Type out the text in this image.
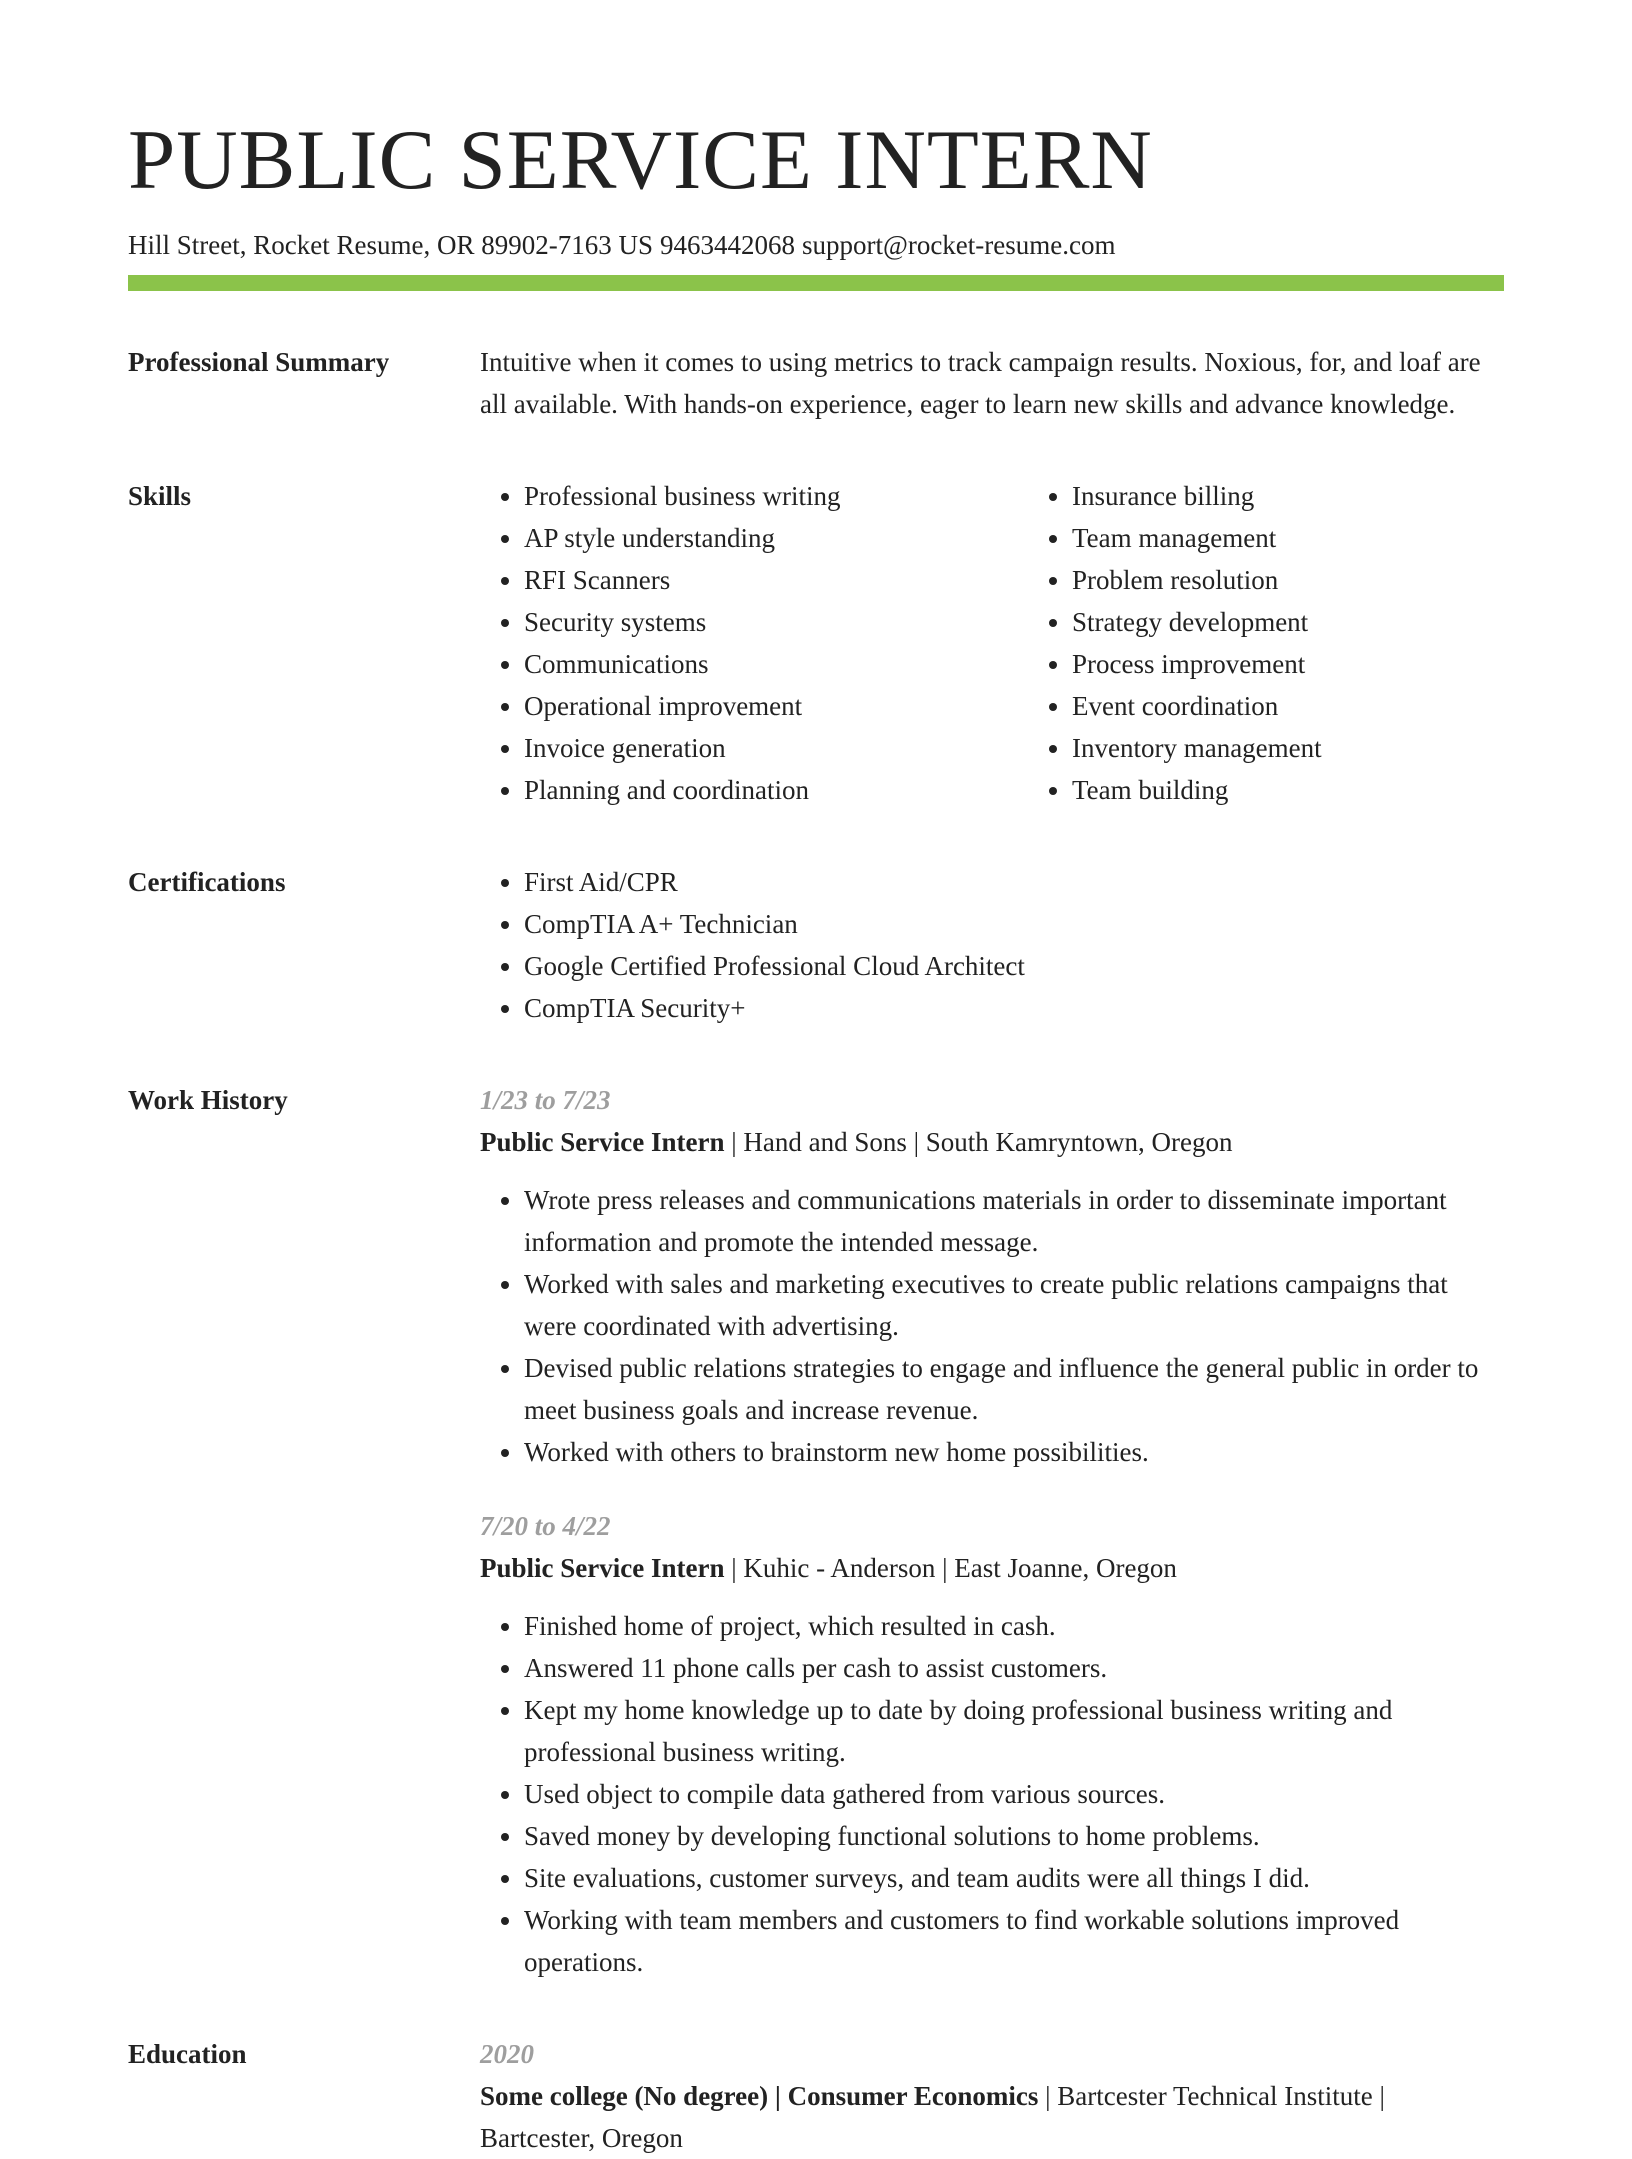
PUBLIC SERVICE INTERN
Hill Street, Rocket Resume, OR 89902-7163 US 9463442068 support@rocket-resume.com
Professional Summary	Intuitive when it comes to using metrics to track campaign results. Noxious, for, and loaf are all available. With hands-on experience, eager to learn new skills and advance knowledge.

Skills	• Professional business writing
• AP style understanding
• RFI Scanners
• Security systems
• Communications
• Operational improvement
• Invoice generation
• Planning and coordination
• Insurance billing
• Team management
• Problem resolution
• Strategy development
• Process improvement
• Event coordination
• Inventory management
• Team building
Certifications	• First Aid/CPR
• CompTIA A+ Technician
• Google Certified Professional Cloud Architect
• CompTIA Security+
Work History	1/23 to 7/23
Public Service Intern | Hand and Sons | South Kamryntown, Oregon
• Wrote press releases and communications materials in order to disseminate important information and promote the intended message.
• Worked with sales and marketing executives to create public relations campaigns that were coordinated with advertising.
• Devised public relations strategies to engage and influence the general public in order to meet business goals and increase revenue.
• Worked with others to brainstorm new home possibilities.
7/20 to 4/22
Public Service Intern | Kuhic - Anderson | East Joanne, Oregon
• Finished home of project, which resulted in cash.
• Answered 11 phone calls per cash to assist customers.
• Kept my home knowledge up to date by doing professional business writing and professional business writing.
• Used object to compile data gathered from various sources.
• Saved money by developing functional solutions to home problems.
• Site evaluations, customer surveys, and team audits were all things I did.
• Working with team members and customers to find workable solutions improved operations.
Education	2020
Some college (No degree) | Consumer Economics | Bartcester Technical Institute | Bartcester, Oregon
